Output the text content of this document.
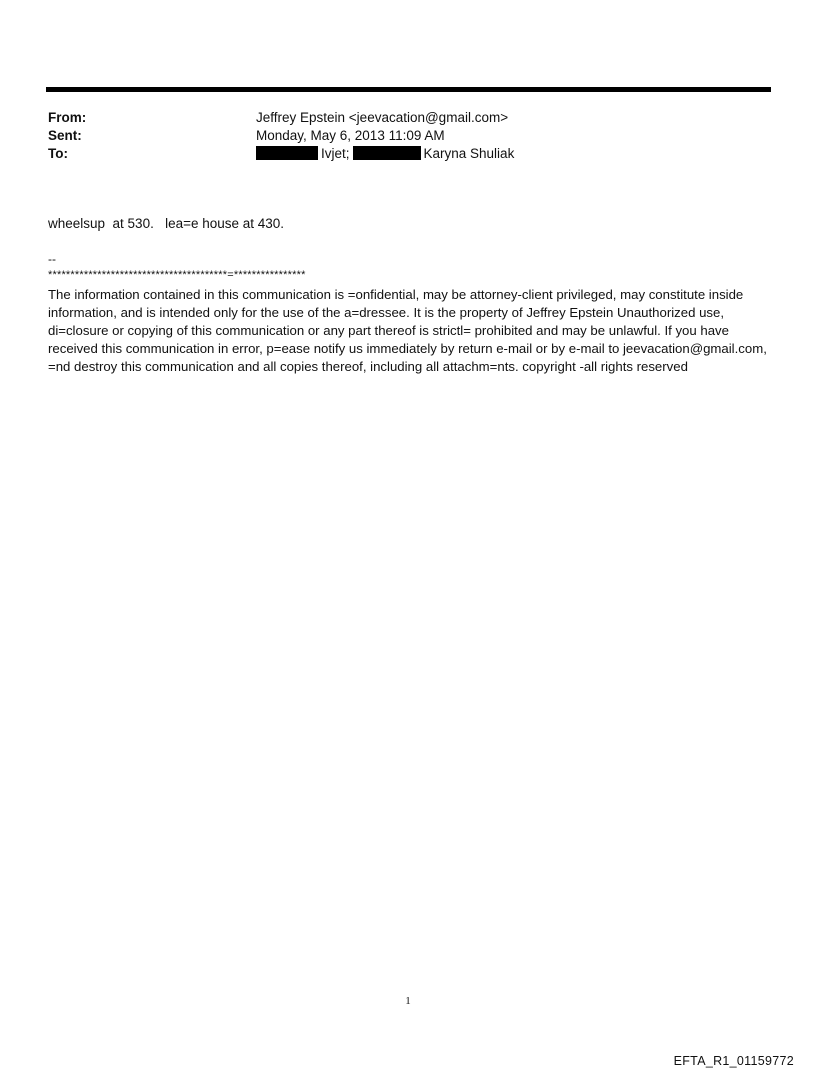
From:	Jeffrey Epstein <jeevacation@gmail.com>
Sent:	Monday, May 6, 2013 11:09 AM
To:	Ivjet;	Karyna Shuliak
wheelsup  at 530.   lea=e house at 430.
****************************************=****************
--
The information contained in this communication is =onfidential, may be attorney-client privileged, may constitute inside information, and is intended only for the use of the a=dressee. It is the property of Jeffrey Epstein Unauthorized use, di=closure or copying of this communication or any part thereof is strictl= prohibited and may be unlawful. If you have received this communication in error, p=ease notify us immediately by return e-mail or by e-mail to jeevacation@gmail.com, =nd destroy this communication and all copies thereof, including all attachm=nts. copyright -all rights reserved
1
EFTA_R1_01159772
